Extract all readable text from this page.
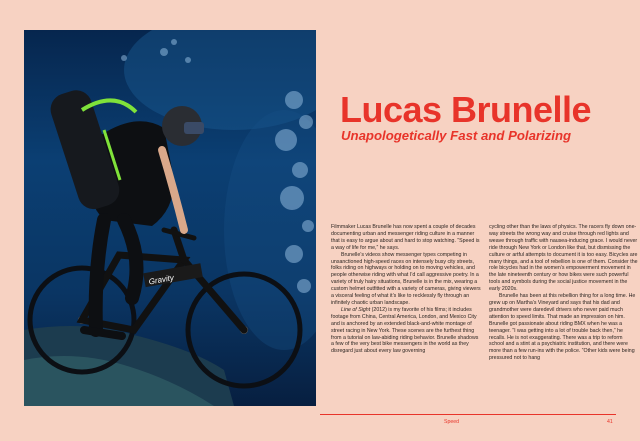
Gravity
Lucas Brunelle
Unapologetically Fast and Polarizing

Filmmaker Lucas Brunelle has now spent a couple of decades documenting urban and messenger riding culture in a manner that is easy to argue about and hard to stop watching. “Speed is a way of life for me,” he says.

Brunelle’s videos show messenger types competing in unsanctioned high-speed races on intensely busy city streets, folks riding on highways or holding on to moving vehicles, and people otherwise riding with what I’d call aggressive poetry. In a variety of truly hairy situations, Brunelle is in the mix, wearing a custom helmet outfitted with a variety of cameras, giving viewers a visceral feeling of what it’s like to recklessly fly through an infinitely chaotic urban landscape.

Line of Sight (2012) is my favorite of his films; it includes footage from China, Central America, London, and Mexico City and is anchored by an extended black-and-white montage of street racing in New York. These scenes are the furthest thing from a tutorial on law-abiding riding behavior. Brunelle shadows a few of the very best bike messengers in the world as they disregard just about every law governing

cycling other than the laws of physics. The racers fly down one-way streets the wrong way and cruise through red lights and weave through traffic with nausea-inducing grace. I would never ride through New York or London like that, but dismissing the culture or artful attempts to document it is too easy. Bicycles are many things, and a tool of rebellion is one of them. Consider the role bicycles had in the women’s empowerment movement in the late nineteenth century or how bikes were such powerful tools and symbols during the social justice movement in the early 2020s.

Brunelle has been at this rebellion thing for a long time. He grew up on Martha’s Vineyard and says that his dad and grandmother were daredevil drivers who never paid much attention to speed limits. That made an impression on him. Brunelle got passionate about riding BMX when he was a teenager. “I was getting into a lot of trouble back then,” he recalls. He is not exaggerating. There was a trip to reform school and a stint at a psychiatric institution, and there were more than a few run-ins with the police. “Other kids were being pressured not to hang

Speed	41
